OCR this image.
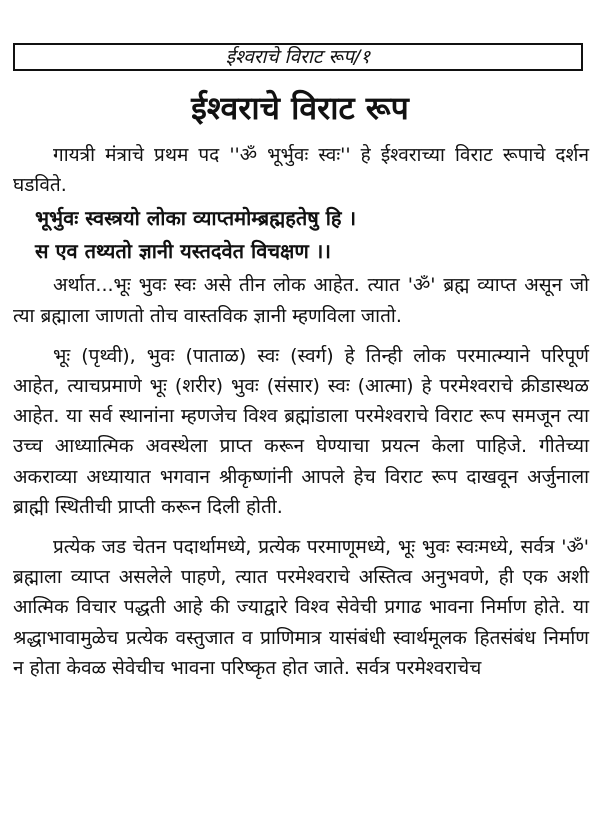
ईश्वराचे विराट रूप/१
ईश्वराचे विराट रूप

गायत्री मंत्राचे प्रथम पद ''ॐ भूर्भुवः स्वः'' हे ईश्वराच्या विराट रूपाचे दर्शन घडविते.

भूर्भुवः स्वस्त्रयो लोका व्याप्तमोम्ब्रह्महतेषु हि ।

स एव तथ्यतो ज्ञानी यस्तदवेत विचक्षण ।।

अर्थात...भूः भुवः स्वः असे तीन लोक आहेत. त्यात 'ॐ' ब्रह्म व्याप्त असून जो त्या ब्रह्माला जाणतो तोच वास्तविक ज्ञानी म्हणविला जातो.

भूः (पृथ्वी), भुवः (पाताळ) स्वः (स्वर्ग) हे तिन्ही लोक परमात्म्याने परिपूर्ण आहेत, त्याचप्रमाणे भूः (शरीर) भुवः (संसार) स्वः (आत्मा) हे परमेश्वराचे क्रीडास्थळ आहेत. या सर्व स्थानांना म्हणजेच विश्व ब्रह्मांडाला परमेश्वराचे विराट रूप समजून त्या उच्च आध्यात्मिक अवस्थेला प्राप्त करून घेण्याचा प्रयत्न केला पाहिजे. गीतेच्या अकराव्या अध्यायात भगवान श्रीकृष्णांनी आपले हेच विराट रूप दाखवून अर्जुनाला ब्राह्मी स्थितीची प्राप्ती करून दिली होती.

प्रत्येक जड चेतन पदार्थामध्ये, प्रत्येक परमाणूमध्ये, भूः भुवः स्वःमध्ये, सर्वत्र 'ॐ' ब्रह्माला व्याप्त असलेले पाहणे, त्यात परमेश्वराचे अस्तित्व अनुभवणे, ही एक अशी आत्मिक विचार पद्धती आहे की ज्याद्वारे विश्व सेवेची प्रगाढ भावना निर्माण होते. या श्रद्धाभावामुळेच प्रत्येक वस्तुजात व प्राणिमात्र यासंबंधी स्वार्थमूलक हितसंबंध निर्माण न होता केवळ सेवेचीच भावना परिष्कृत होत जाते. सर्वत्र परमेश्वराचेच
